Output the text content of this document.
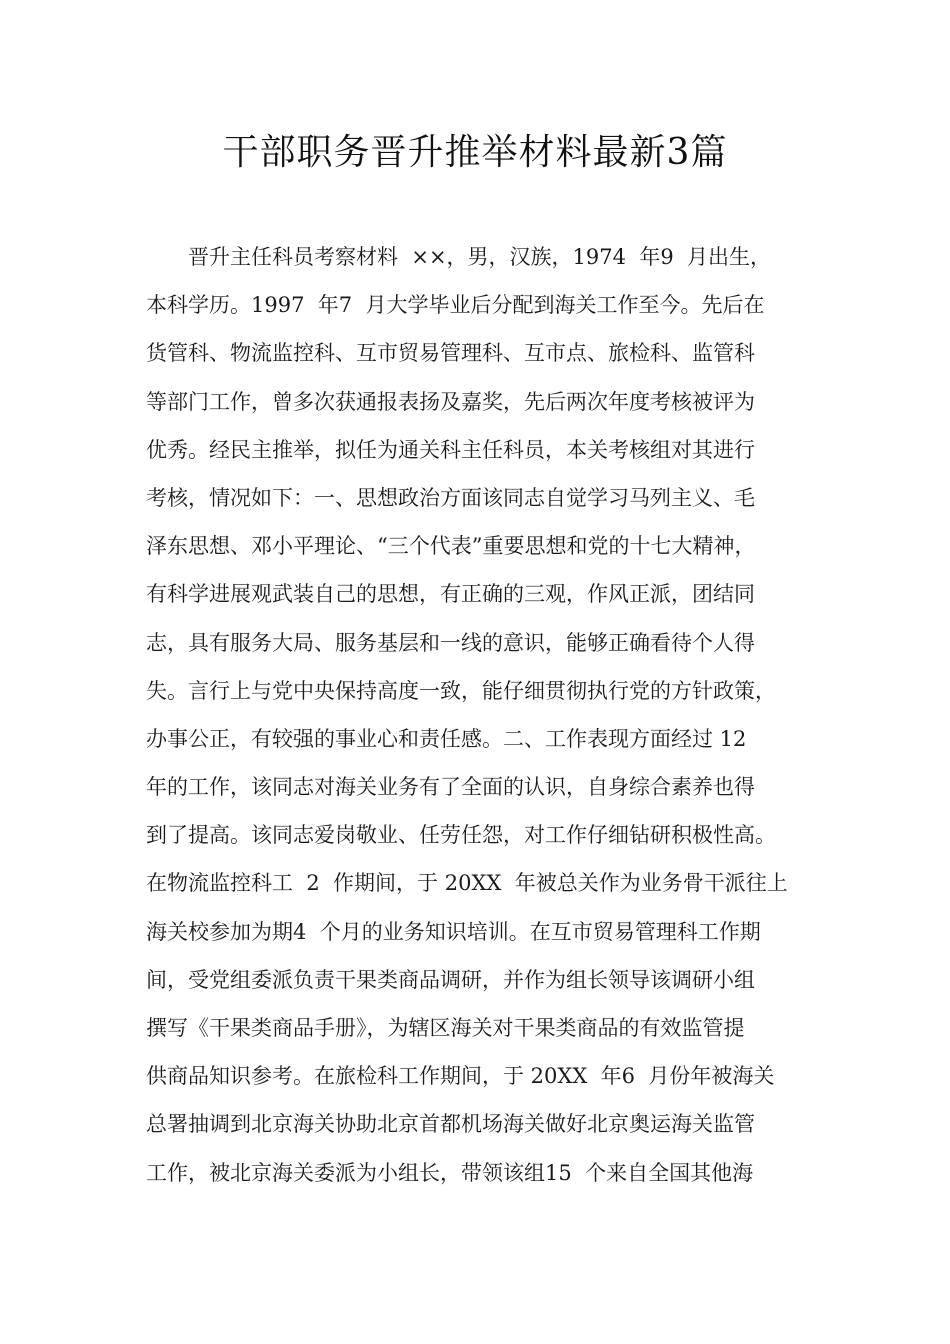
干部职务晋升推举材料最新3篇
晋升主任科员考察材料  ××，男，汉族，1974  年9  月出生，
本科学历。1997  年7  月大学毕业后分配到海关工作至今。先后在
货管科、物流监控科、互市贸易管理科、互市点、旅检科、监管科
等部门工作，曾多次获通报表扬及嘉奖，先后两次年度考核被评为
优秀。经民主推举，拟任为通关科主任科员，本关考核组对其进行
考核，情况如下：一、思想政治方面该同志自觉学习马列主义、毛
泽东思想、邓小平理论、“三个代表”重要思想和党的十七大精神，
有科学进展观武装自己的思想，有正确的三观，作风正派，团结同
志，具有服务大局、服务基层和一线的意识，能够正确看待个人得
失。言行上与党中央保持高度一致，能仔细贯彻执行党的方针政策，
办事公正，有较强的事业心和责任感。二、工作表现方面经过 12
年的工作，该同志对海关业务有了全面的认识，自身综合素养也得
到了提高。该同志爱岗敬业、任劳任怨，对工作仔细钻研积极性高。
在物流监控科工  2  作期间，于 20XX  年被总关作为业务骨干派往上
海关校参加为期4  个月的业务知识培训。在互市贸易管理科工作期
间，受党组委派负责干果类商品调研，并作为组长领导该调研小组
撰写《干果类商品手册》，为辖区海关对干果类商品的有效监管提
供商品知识参考。在旅检科工作期间，于 20XX  年6  月份年被海关
总署抽调到北京海关协助北京首都机场海关做好北京奥运海关监管
工作，被北京海关委派为小组长，带领该组15  个来自全国其他海
